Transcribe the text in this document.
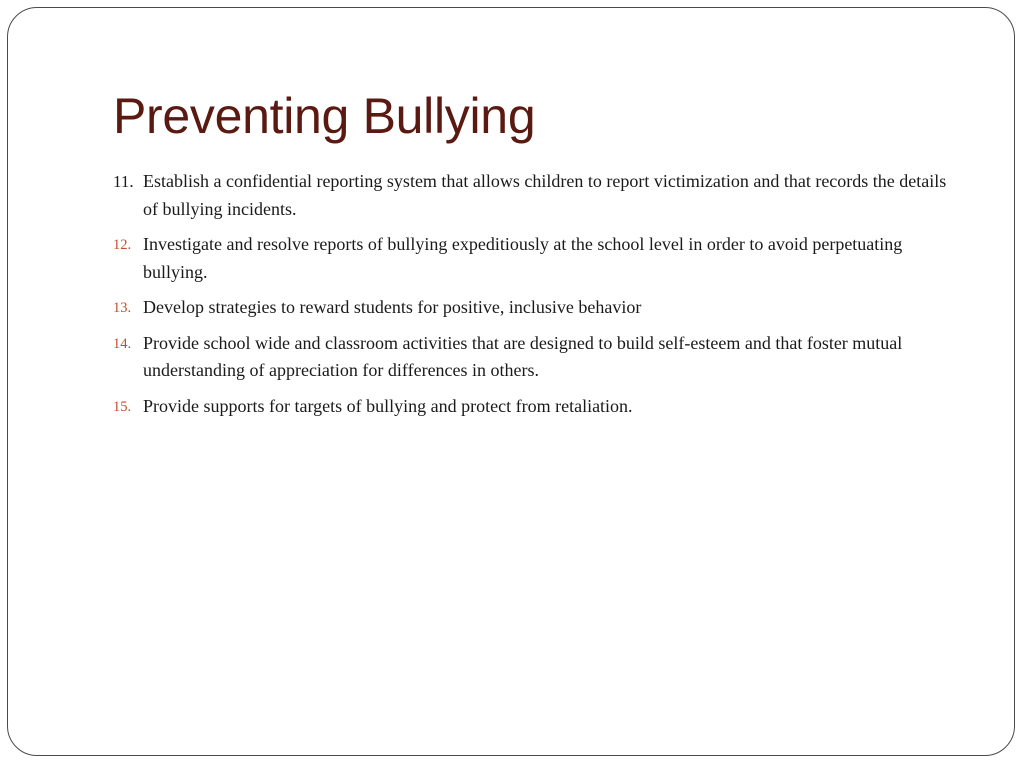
Preventing Bullying
11. Establish a confidential reporting system that allows children to report victimization and that records the details of bullying incidents.
12. Investigate and resolve reports of bullying expeditiously at the school level in order to avoid perpetuating bullying.
13. Develop strategies to reward students for positive, inclusive behavior
14. Provide school wide and classroom activities that are designed to build self-esteem and that foster mutual understanding of appreciation for differences in others.
15. Provide supports for targets of bullying and protect from retaliation.
